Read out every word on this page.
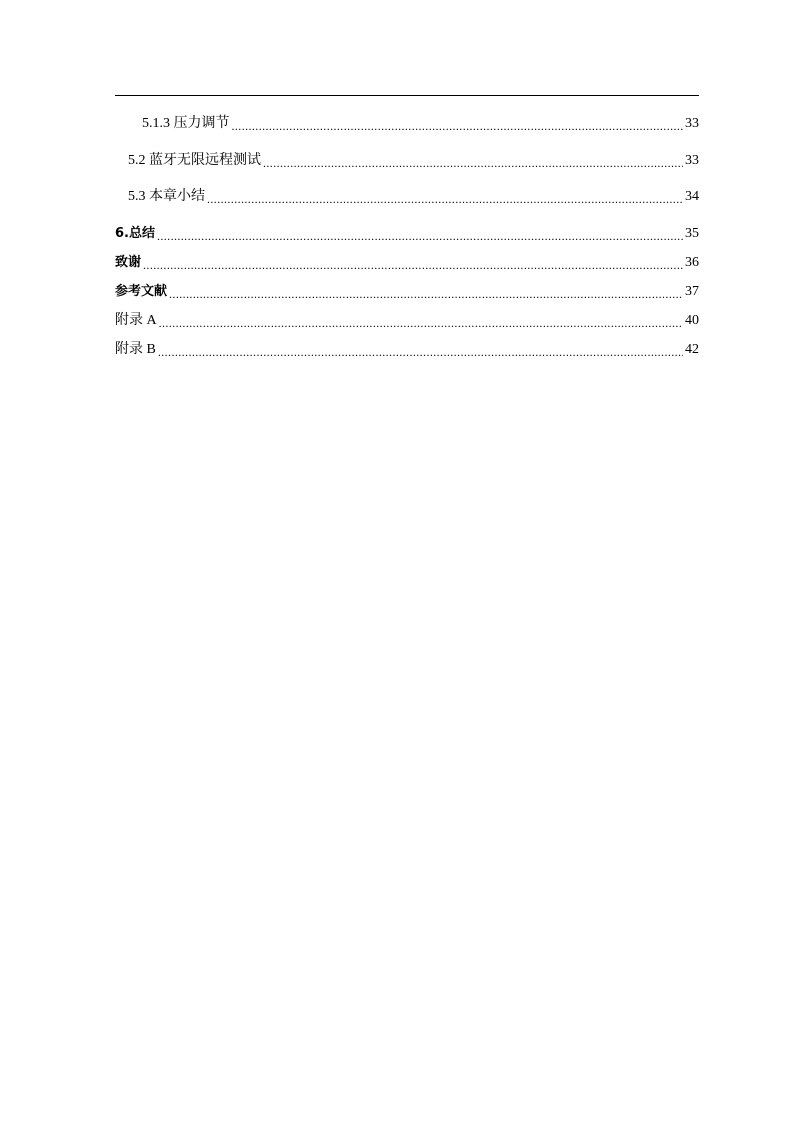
5.1.3 压力调节 .....	33
5.2 蓝牙无限远程测试 .....	33
5.3 本章小结 .....	34
6.总结 .....	35
致谢 .....	36
参考文献 .....	37
附录 A .....	40
附录 B .....	42
